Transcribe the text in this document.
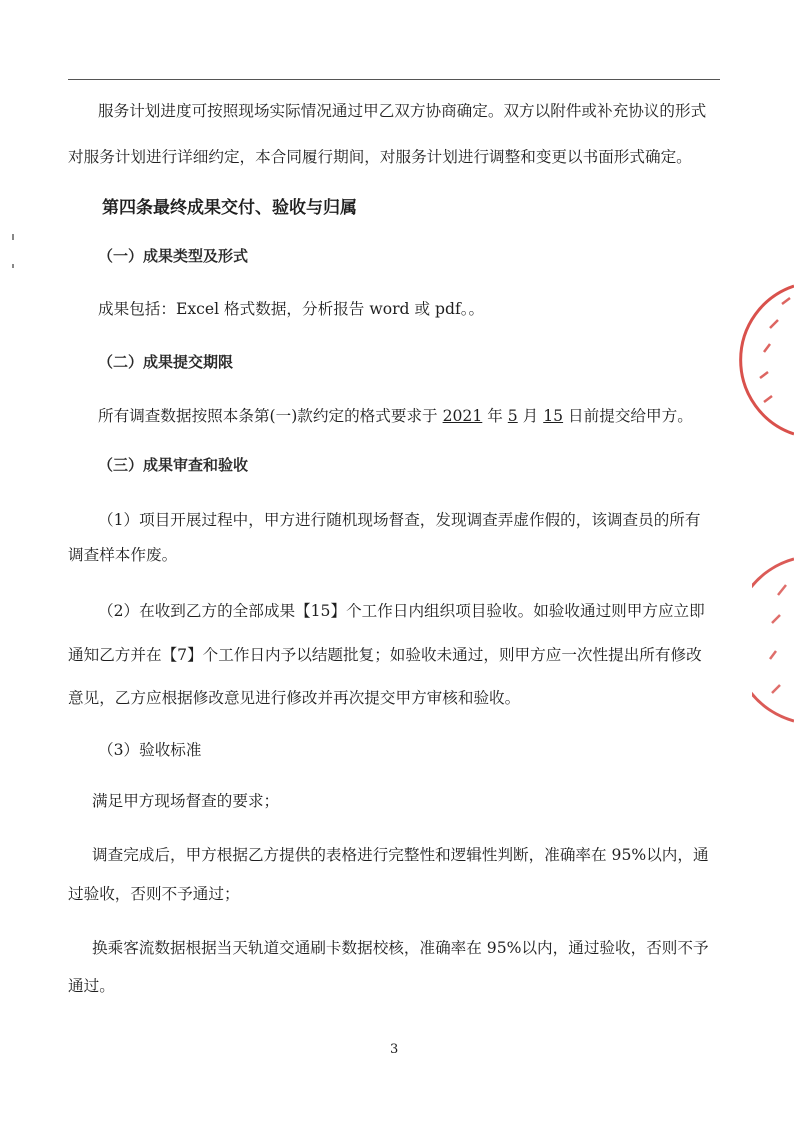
服务计划进度可按照现场实际情况通过甲乙双方协商确定。双方以附件或补充协议的形式
对服务计划进行详细约定，本合同履行期间，对服务计划进行调整和变更以书面形式确定。
第四条最终成果交付、验收与归属
（一）成果类型及形式
成果包括：Excel 格式数据，分析报告 word 或 pdf。。
（二）成果提交期限
所有调查数据按照本条第(一)款约定的格式要求于 2021 年 5 月 15 日前提交给甲方。
（三）成果审查和验收
（1）项目开展过程中，甲方进行随机现场督查，发现调查弄虚作假的，该调查员的所有
调查样本作废。
（2）在收到乙方的全部成果【15】个工作日内组织项目验收。如验收通过则甲方应立即
通知乙方并在【7】个工作日内予以结题批复；如验收未通过，则甲方应一次性提出所有修改
意见，乙方应根据修改意见进行修改并再次提交甲方审核和验收。
（3）验收标准
满足甲方现场督查的要求；
调查完成后，甲方根据乙方提供的表格进行完整性和逻辑性判断，准确率在 95%以内，通
过验收，否则不予通过；
换乘客流数据根据当天轨道交通刷卡数据校核，准确率在 95%以内，通过验收，否则不予
通过。
3
